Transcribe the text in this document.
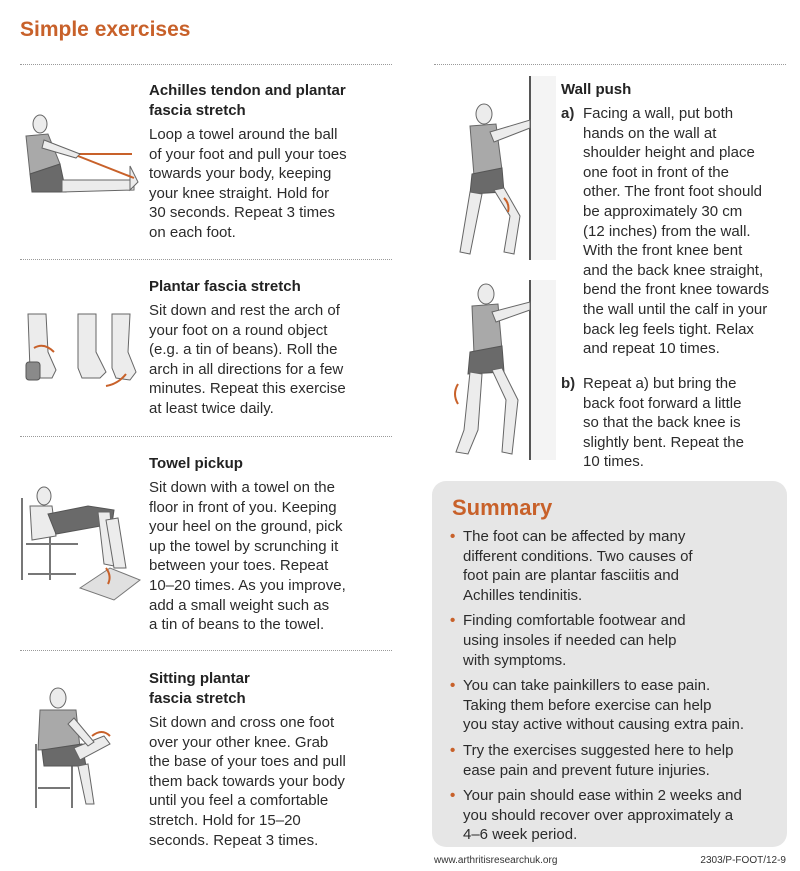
Simple exercises
Achilles tendon and plantar
fascia stretch
Loop a towel around the ball
of your foot and pull your toes
towards your body, keeping
your knee straight. Hold for
30 seconds. Repeat 3 times
on each foot.
Plantar fascia stretch
Sit down and rest the arch of
your foot on a round object
(e.g. a tin of beans). Roll the
arch in all directions for a few
minutes. Repeat this exercise
at least twice daily.
Towel pickup
Sit down with a towel on the
floor in front of you. Keeping
your heel on the ground, pick
up the towel by scrunching it
between your toes. Repeat
10–20 times. As you improve,
add a small weight such as
a tin of beans to the towel.
Sitting plantar
fascia stretch
Sit down and cross one foot
over your other knee. Grab
the base of your toes and pull
them back towards your body
until you feel a comfortable
stretch. Hold for 15–20
seconds. Repeat 3 times.
Wall push
a) Facing a wall, put both
hands on the wall at
shoulder height and place
one foot in front of the
other. The front foot should
be approximately 30 cm
(12 inches) from the wall.
With the front knee bent
and the back knee straight,
bend the front knee towards
the wall until the calf in your
back leg feels tight. Relax
and repeat 10 times.
b) Repeat a) but bring the
back foot forward a little
so that the back knee is
slightly bent. Repeat the
10 times.
Summary
• The foot can be affected by many
different conditions. Two causes of
foot pain are plantar fasciitis and
Achilles tendinitis.
• Finding comfortable footwear and
using insoles if needed can help
with symptoms.
• You can take painkillers to ease pain.
Taking them before exercise can help
you stay active without causing extra pain.
• Try the exercises suggested here to help
ease pain and prevent future injuries.
• Your pain should ease within 2 weeks and
you should recover over approximately a
4–6 week period.
www.arthritisresearchuk.org	2303/P-FOOT/12-9
